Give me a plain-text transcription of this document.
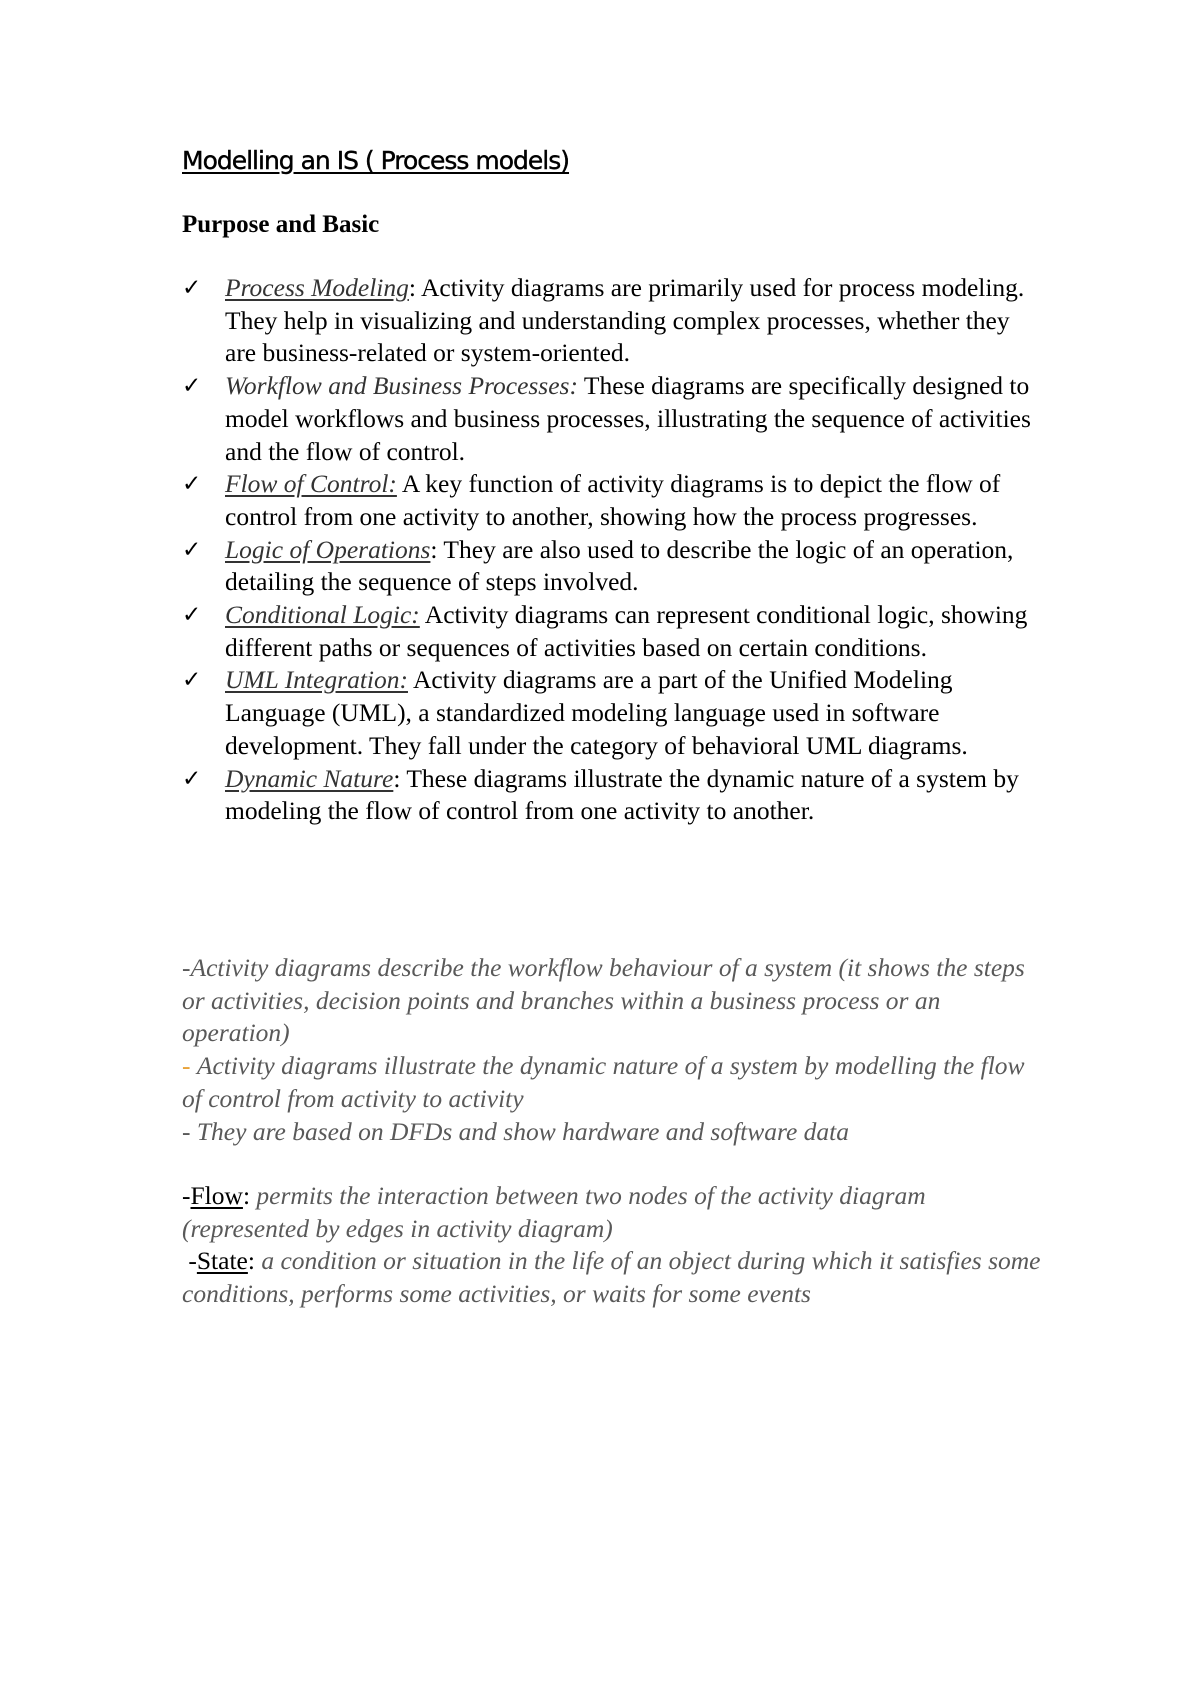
Modelling an IS ( Process models)
Purpose and Basic
✓ Process Modeling: Activity diagrams are primarily used for process modeling. They help in visualizing and understanding complex processes, whether they are business-related or system-oriented.
✓ Workflow and Business Processes: These diagrams are specifically designed to model workflows and business processes, illustrating the sequence of activities and the flow of control.
✓ Flow of Control: A key function of activity diagrams is to depict the flow of control from one activity to another, showing how the process progresses.
✓ Logic of Operations: They are also used to describe the logic of an operation, detailing the sequence of steps involved.
✓ Conditional Logic: Activity diagrams can represent conditional logic, showing different paths or sequences of activities based on certain conditions.
✓ UML Integration: Activity diagrams are a part of the Unified Modeling Language (UML), a standardized modeling language used in software development. They fall under the category of behavioral UML diagrams.
✓ Dynamic Nature: These diagrams illustrate the dynamic nature of a system by modeling the flow of control from one activity to another.

-Activity diagrams describe the workflow behaviour of a system (it shows the steps or activities, decision points and branches within a business process or an operation)

- Activity diagrams illustrate the dynamic nature of a system by modelling the flow of control from activity to activity

- They are based on DFDs and show hardware and software data

-Flow: permits the interaction between two nodes of the activity diagram (represented by edges in activity diagram)

-State: a condition or situation in the life of an object during which it satisfies some conditions, performs some activities, or waits for some events
